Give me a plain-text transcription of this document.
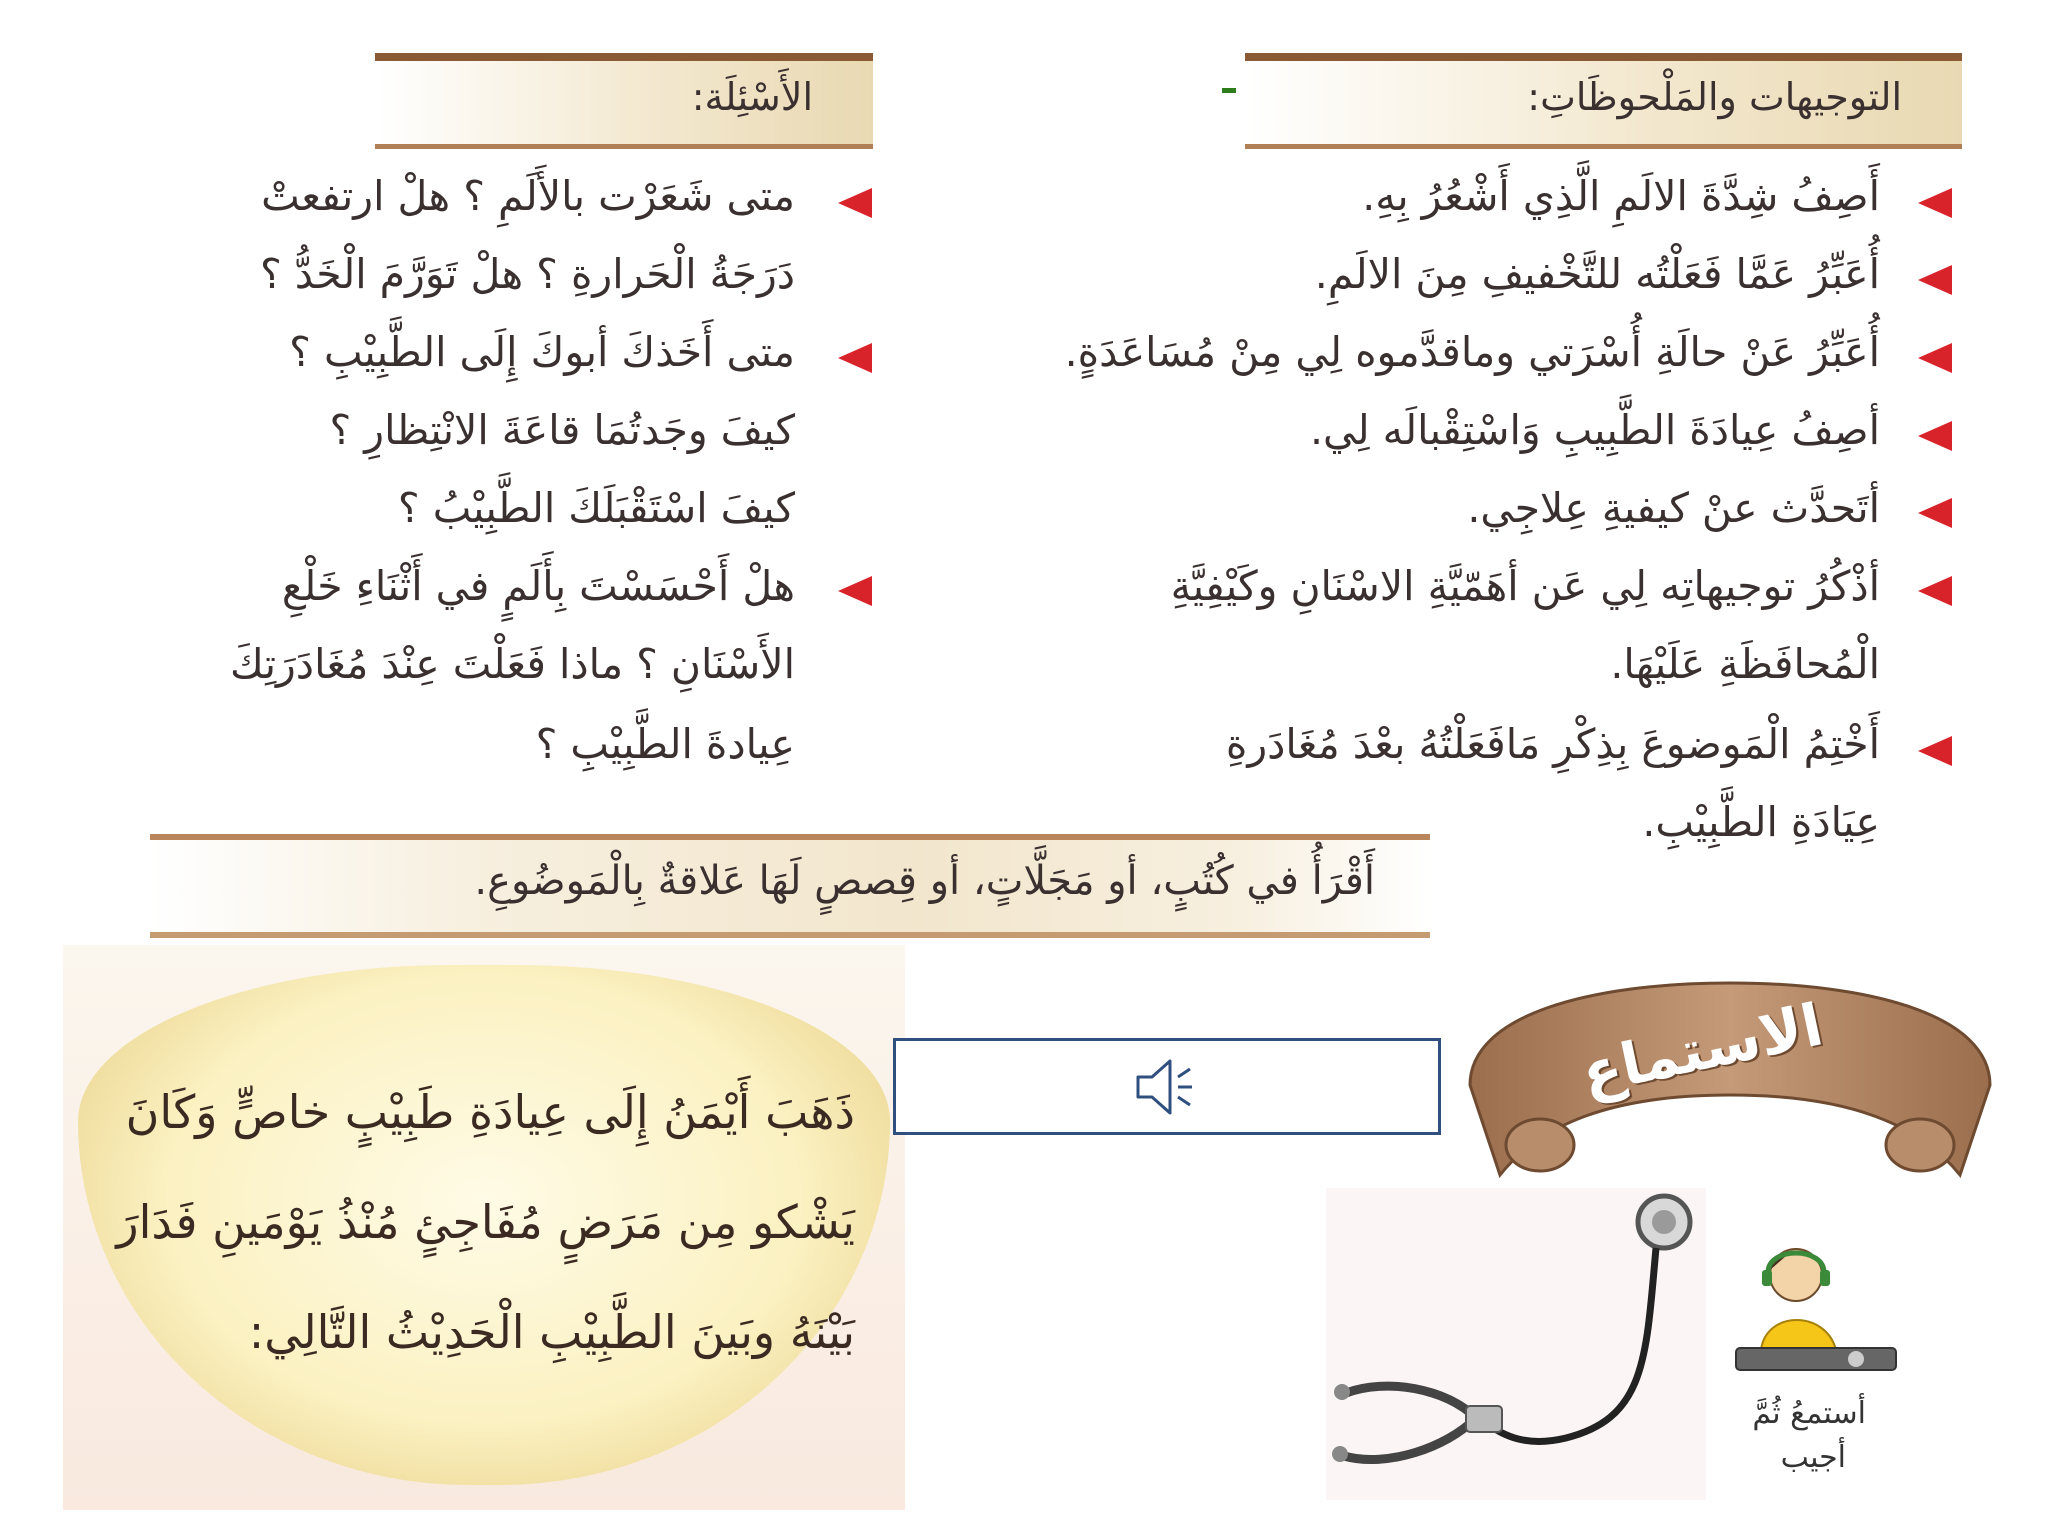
التوجيهات والمَلْحوظَاتِ:
الأَسْئِلَة:
أَصِفُ شِدَّةَ الالَمِ الَّذِي أَشْعُرُ بِهِ.
أُعَبِّرُ عَمَّا فَعَلْتُه للتَّخْفيفِ مِنَ الالَمِ.
أُعَبِّرُ عَنْ حالَةِ أُسْرَتي وماقدَّموه لِي مِنْ مُسَاعَدَةٍ.
أصِفُ عِيادَةَ الطَّبِيبِ وَاسْتِقْبالَه لِي.
أتَحدَّث عنْ كيفيةِ عِلاجِي.
أذْكُرُ توجيهاتِه لِي عَن أهَمّيَّةِ الاسْنَانِ وكَيْفِيَّةِ
الْمُحافَظَةِ عَلَيْهَا.
أَخْتِمُ الْمَوضوعَ بِذِكْرِ مَافَعَلْتُهُ بعْدَ مُغَادَرةِ
عِيَادَةِ الطَّبِيْبِ.
متى شَعَرْت بالأَلَمِ ؟ هلْ ارتفعتْ
دَرَجَةُ الْحَرارةِ ؟ هلْ تَوَرَّمَ الْخَدُّ ؟
متى أَخَذكَ أبوكَ إِلَى الطَّبِيْبِ ؟
كيفَ وجَدتُمَا قاعَةَ الانْتِظارِ ؟
كيفَ اسْتَقْبَلَكَ الطَّبِيْبُ ؟
هلْ أَحْسَسْتَ بِأَلَمٍ في أَثْنَاءِ خَلْعِ
الأَسْنَانِ ؟ ماذا فَعَلْتَ عِنْدَ مُغَادَرَتِكَ
عِيادةَ الطَّبِيْبِ ؟
أَقْرَأُ في كُتُبٍ، أو مَجَلَّاتٍ، أو قِصصٍ لَهَا عَلاقةٌ بِالْمَوضُوعِ.
ذَهَبَ أَيْمَنُ إِلَى عِيادَةِ طَبِيْبٍ خاصٍّ وَكَانَ
يَشْكو مِن مَرَضٍ مُفَاجِئٍ مُنْذُ يَوْمَينِ فَدَارَ
بَيْنَهُ وبَينَ الطَّبِيْبِ الْحَدِيْثُ التَّالِي:
الاستماع
أستمعُ ثُمَّ
أجيب
